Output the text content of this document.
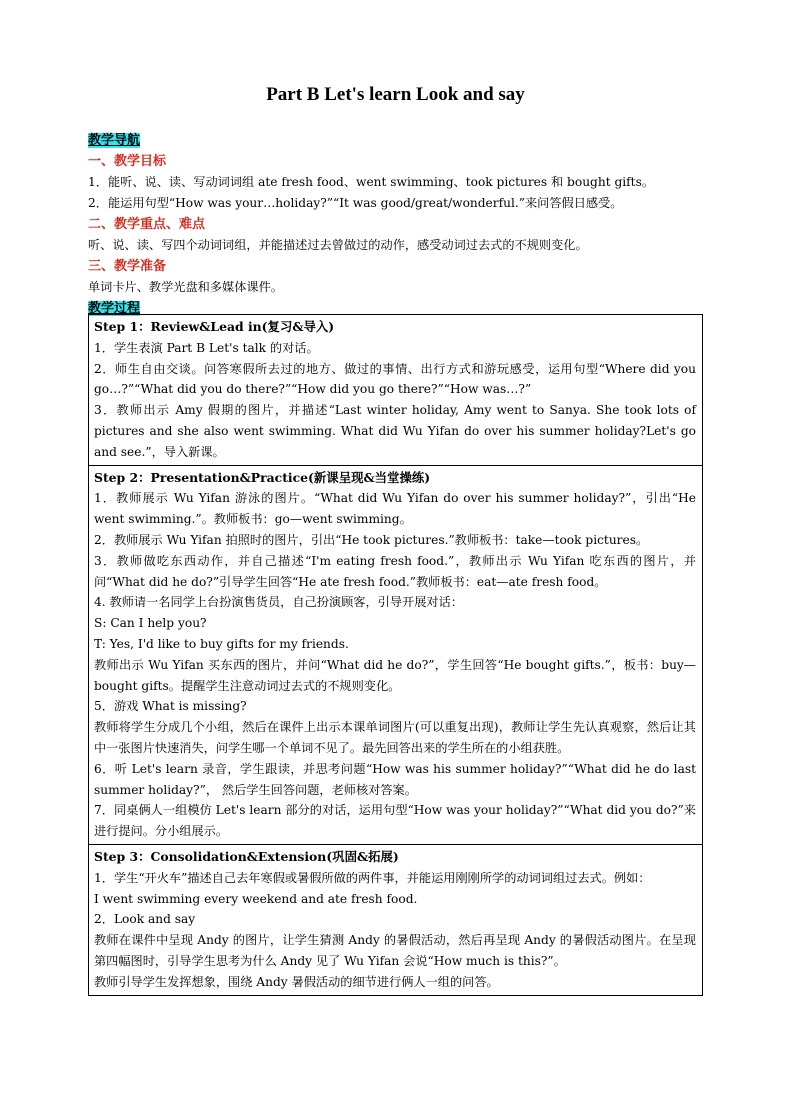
Part B Let's learn Look and say
教学导航
一、教学目标
1．能听、说、读、写动词词组 ate fresh food、went swimming、took pictures 和 bought gifts。
2．能运用句型“How was your…holiday?”“It was good/great/wonderful.”来问答假日感受。
二、教学重点、难点
听、说、读、写四个动词词组，并能描述过去曾做过的动作，感受动词过去式的不规则变化。
三、教学准备
单词卡片、教学光盘和多媒体课件。
教学过程
Step 1：Review&Lead in(复习&导入)
1．学生表演 Part B Let's talk 的对话。
2．师生自由交谈。问答寒假所去过的地方、做过的事情、出行方式和游玩感受，运用句型“Where did you go…?”“What did you do there?”“How did you go there?”“How was…?”
3．教师出示 Amy 假期的图片，并描述“Last winter holiday, Amy went to Sanya. She took lots of pictures and she also went swimming. What did Wu Yifan do over his summer holiday?Let's go and see.”，导入新课。

Step 2：Presentation&Practice(新课呈现&当堂操练)
1．教师展示 Wu Yifan 游泳的图片。“What did Wu Yifan do over his summer holiday?”，引出“He went swimming.”。教师板书：go—went swimming。
2．教师展示 Wu Yifan 拍照时的图片，引出“He took pictures.”教师板书：take—took pictures。
3．教师做吃东西动作，并自己描述“I'm eating fresh food.”，教师出示 Wu Yifan 吃东西的图片，并问“What did he do?”引导学生回答“He ate fresh food.”教师板书：eat—ate fresh food。
4. 教师请一名同学上台扮演售货员，自己扮演顾客，引导开展对话：
S: Can I help you?
T: Yes, I'd like to buy gifts for my friends.
教师出示 Wu Yifan 买东西的图片，并问“What did he do?”，学生回答“He bought gifts.”，板书：buy—bought gifts。提醒学生注意动词过去式的不规则变化。
5．游戏 What is missing?
教师将学生分成几个小组，然后在课件上出示本课单词图片(可以重复出现)，教师让学生先认真观察，然后让其中一张图片快速消失，问学生哪一个单词不见了。最先回答出来的学生所在的小组获胜。
6．听 Let's learn 录音，学生跟读，并思考问题“How was his summer holiday?”“What did he do last summer holiday?”， 然后学生回答问题，老师核对答案。
7．同桌俩人一组模仿 Let's learn 部分的对话，运用句型“How was your holiday?”“What did you do?”来进行提问。分小组展示。

Step 3：Consolidation&Extension(巩固&拓展)
1．学生“开火车”描述自己去年寒假或暑假所做的两件事，并能运用刚刚所学的动词词组过去式。例如：
I went swimming every weekend and ate fresh food.
2．Look and say
教师在课件中呈现 Andy 的图片，让学生猜测 Andy 的暑假活动，然后再呈现 Andy 的暑假活动图片。在呈现第四幅图时，引导学生思考为什么 Andy 见了 Wu Yifan 会说“How much is this?”。
教师引导学生发挥想象，围绕 Andy 暑假活动的细节进行俩人一组的问答。
